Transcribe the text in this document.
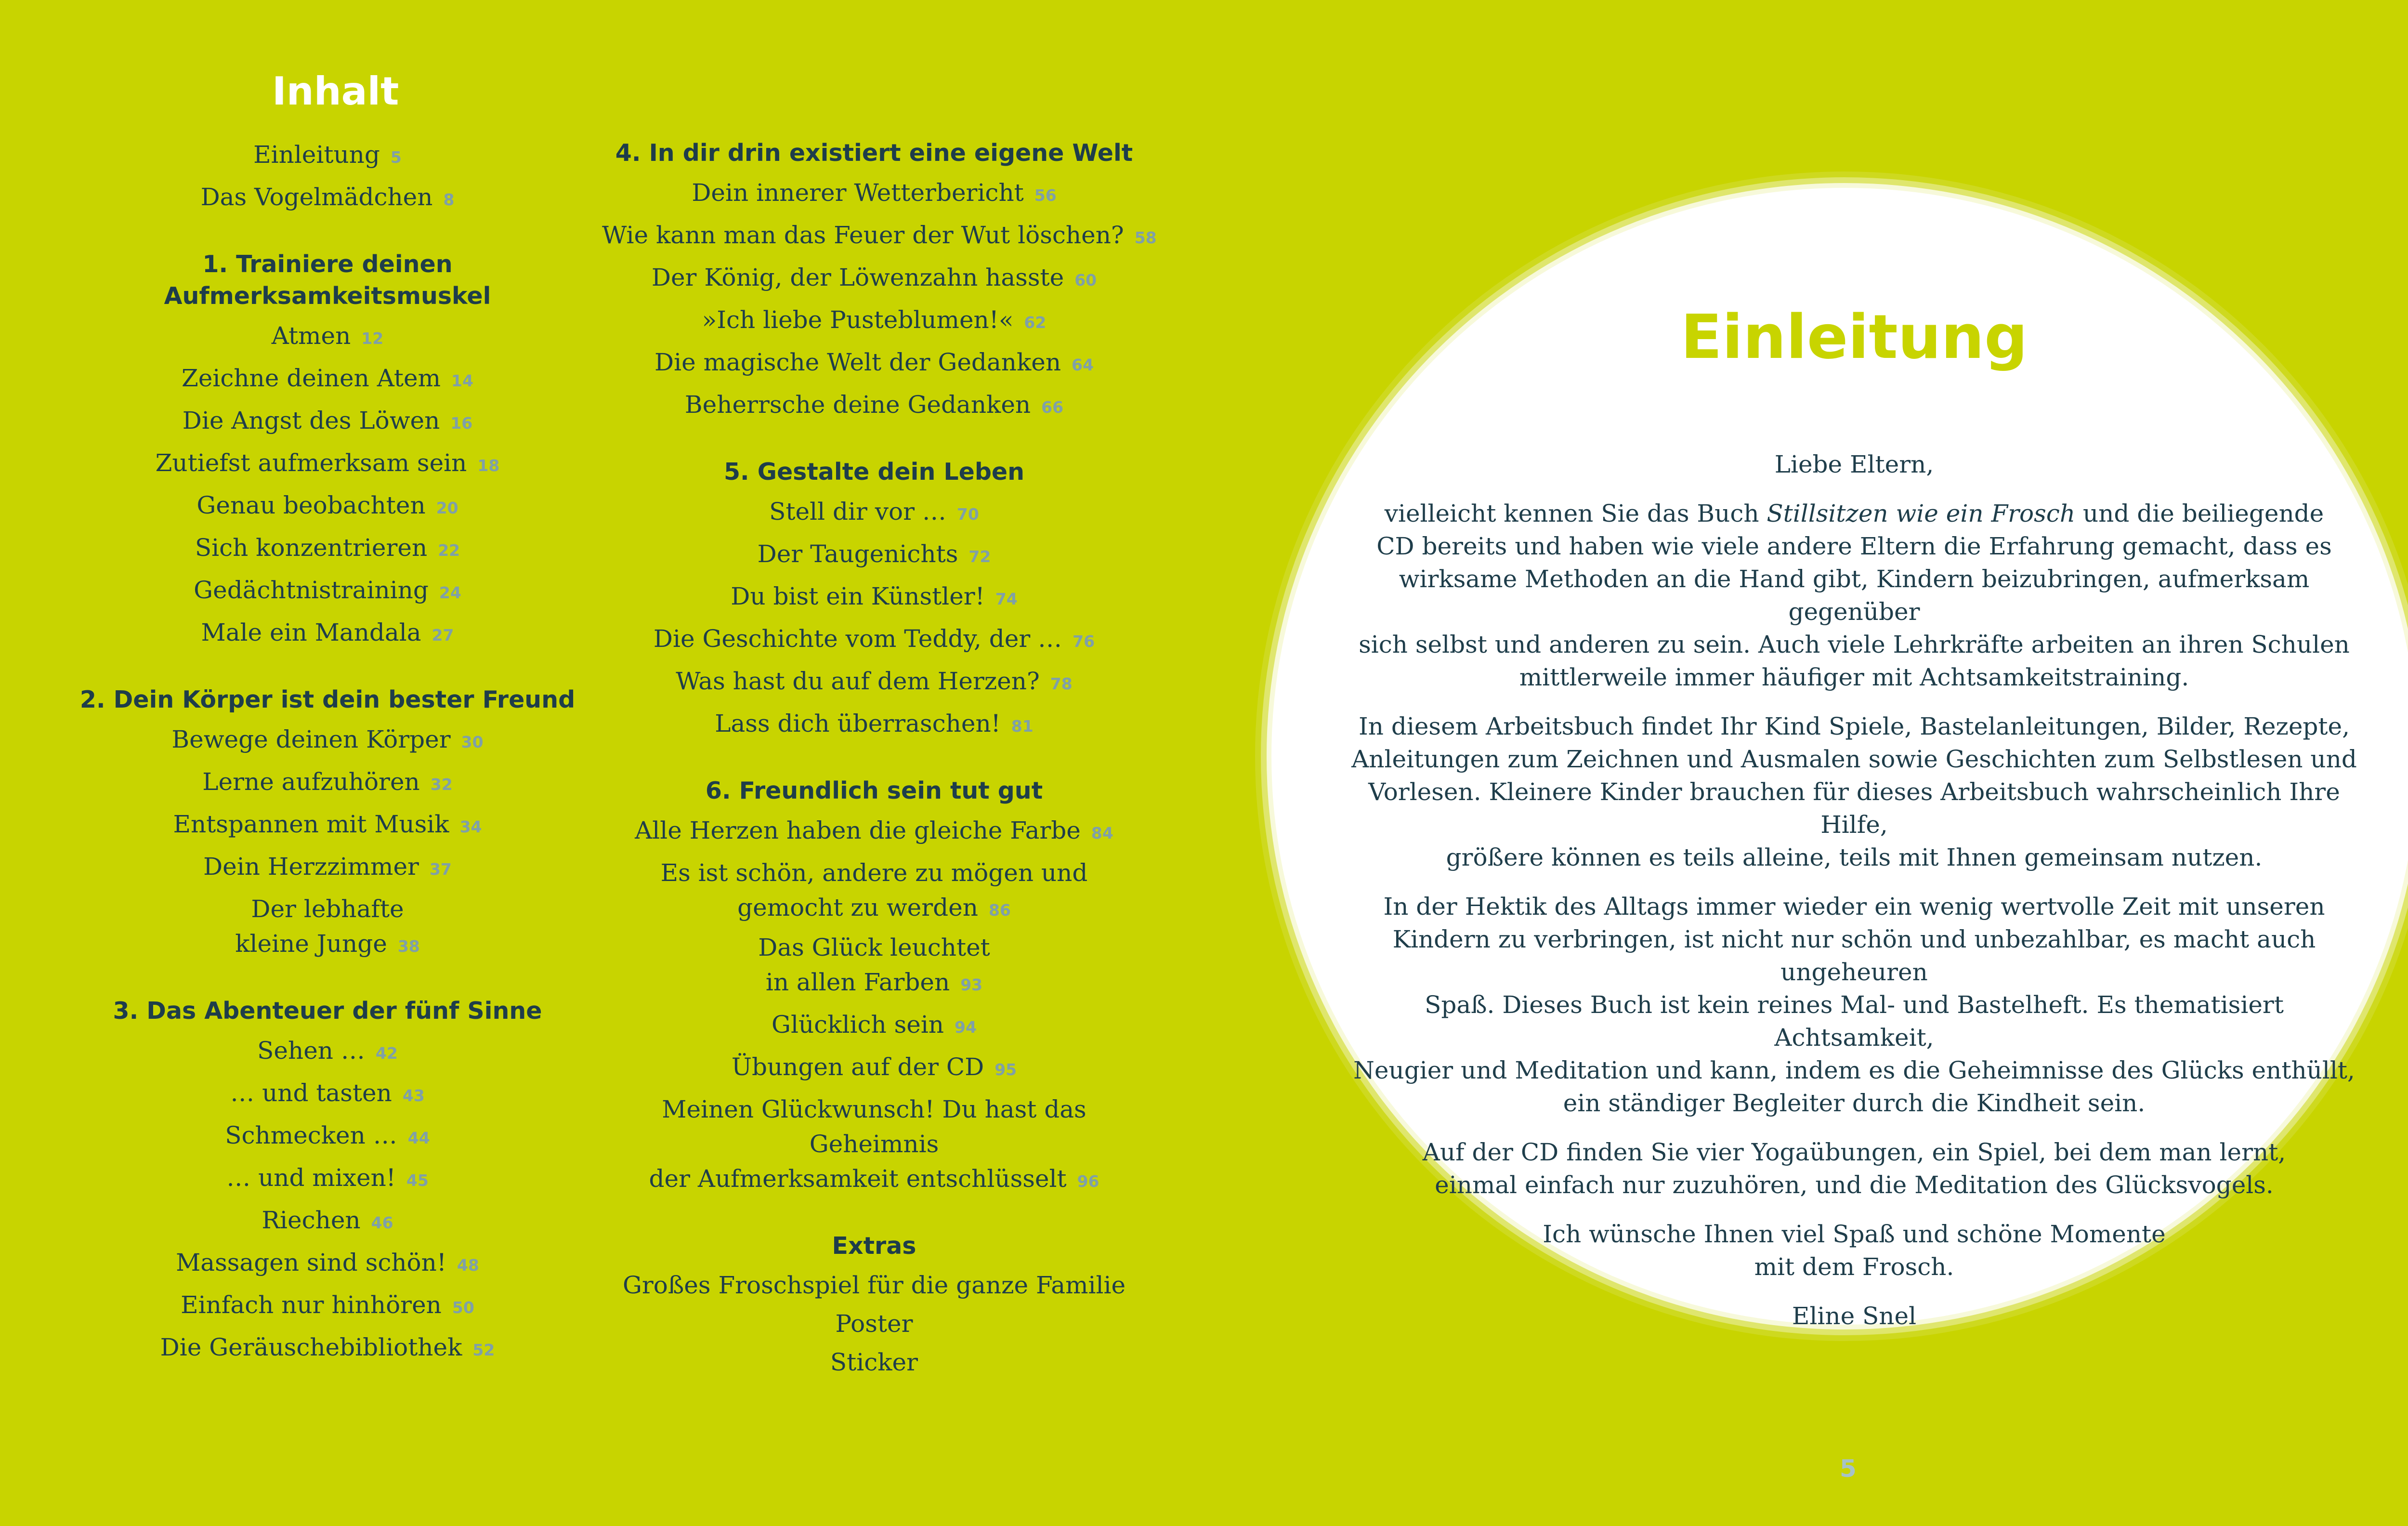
Inhalt
Einleitung 5
Das Vogelmädchen 8
1. Trainiere deinen
Aufmerksamkeitsmuskel
Atmen 12
Zeichne deinen Atem 14
Die Angst des Löwen 16
Zutiefst aufmerksam sein 18
Genau beobachten 20
Sich konzentrieren 22
Gedächtnistraining 24
Male ein Mandala 27
2. Dein Körper ist dein bester Freund
Bewege deinen Körper 30
Lerne aufzuhören 32
Entspannen mit Musik 34
Dein Herzzimmer 37
Der lebhafte
kleine Junge 38
3. Das Abenteuer der fünf Sinne
Sehen … 42
… und tasten 43
Schmecken … 44
… und mixen! 45
Riechen 46
Massagen sind schön! 48
Einfach nur hinhören 50
Die Geräuschebibliothek 52
4. In dir drin existiert eine eigene Welt
Dein innerer Wetterbericht 56
Wie kann man das Feuer der Wut löschen? 58
Der König, der Löwenzahn hasste 60
»Ich liebe Pusteblumen!« 62
Die magische Welt der Gedanken 64
Beherrsche deine Gedanken 66
5. Gestalte dein Leben
Stell dir vor … 70
Der Taugenichts 72
Du bist ein Künstler! 74
Die Geschichte vom Teddy, der … 76
Was hast du auf dem Herzen? 78
Lass dich überraschen! 81
6. Freundlich sein tut gut
Alle Herzen haben die gleiche Farbe 84
Es ist schön, andere zu mögen und
gemocht zu werden 86
Das Glück leuchtet
in allen Farben 93
Glücklich sein 94
Übungen auf der CD 95
Meinen Glückwunsch! Du hast das Geheimnis
der Aufmerksamkeit entschlüsselt 96
Extras
Großes Froschspiel für die ganze Familie
Poster
Sticker
Einleitung

Liebe Eltern,

vielleicht kennen Sie das Buch Stillsitzen wie ein Frosch und die beiliegende
CD bereits und haben wie viele andere Eltern die Erfahrung gemacht, dass es
wirksame Methoden an die Hand gibt, Kindern beizubringen, aufmerksam gegenüber
sich selbst und anderen zu sein. Auch viele Lehrkräfte arbeiten an ihren Schulen
mittlerweile immer häufiger mit Achtsamkeitstraining.

In diesem Arbeitsbuch findet Ihr Kind Spiele, Bastelanleitungen, Bilder, Rezepte,
Anleitungen zum Zeichnen und Ausmalen sowie Geschichten zum Selbstlesen und
Vorlesen. Kleinere Kinder brauchen für dieses Arbeitsbuch wahrscheinlich Ihre Hilfe,
größere können es teils alleine, teils mit Ihnen gemeinsam nutzen.

In der Hektik des Alltags immer wieder ein wenig wertvolle Zeit mit unseren
Kindern zu verbringen, ist nicht nur schön und unbezahlbar, es macht auch ungeheuren
Spaß. Dieses Buch ist kein reines Mal- und Bastelheft. Es thematisiert Achtsamkeit,
Neugier und Meditation und kann, indem es die Geheimnisse des Glücks enthüllt,
ein ständiger Begleiter durch die Kindheit sein.

Auf der CD finden Sie vier Yogaübungen, ein Spiel, bei dem man lernt,
einmal einfach nur zuzuhören, und die Meditation des Glücksvogels.

Ich wünsche Ihnen viel Spaß und schöne Momente
mit dem Frosch.

Eline Snel

5
